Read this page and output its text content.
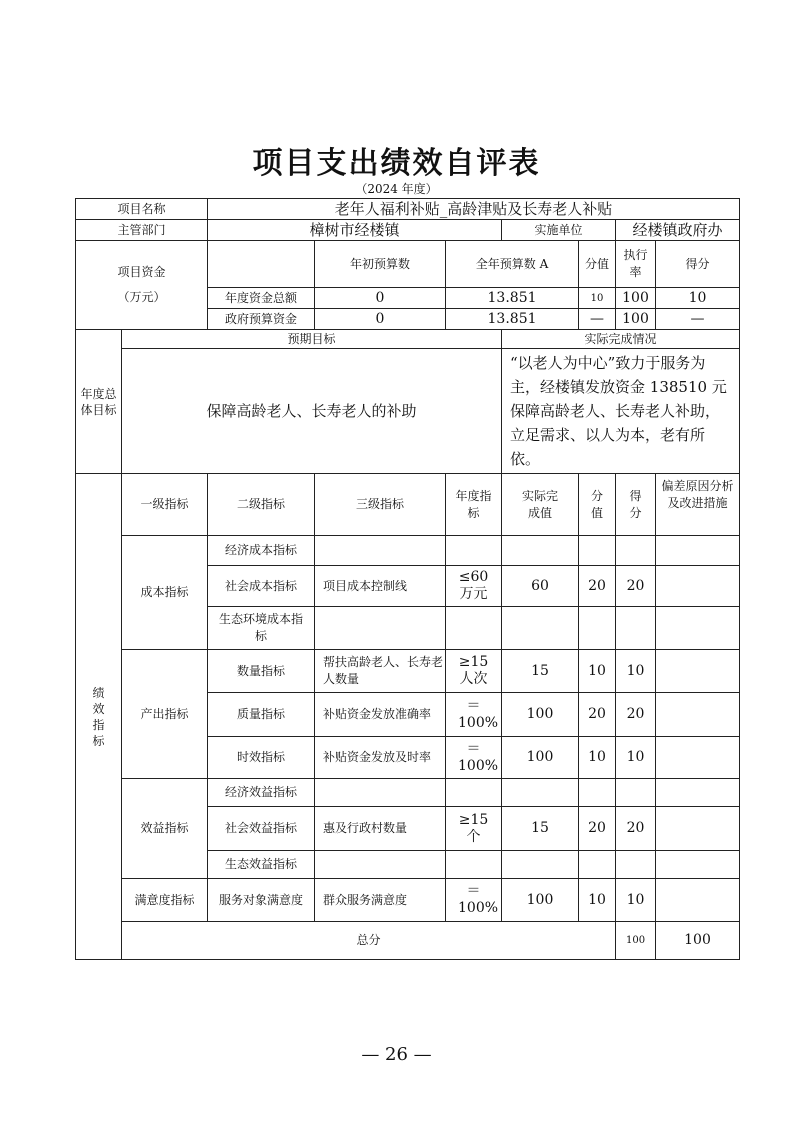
项目支出绩效自评表
（2024 年度）
项目名称		老年人福利补贴_高龄津贴及长寿老人补贴							
主管部门		樟树市经楼镇			实施单位		经楼镇政府办		

项目资金
（万元）			年初预算数	全年预算数 A		分值	执行率	得分	
		年度资金总额	0	13.851		10	100	10	
		政府预算资金	0	13.851		—	100	—	
年度总体目标	预期目标				实际完成情况				
	保障高龄老人、长寿老人的补助				“以老人为中心”致力于服务为主，经楼镇发放资金 138510 元保障高龄老人、长寿老人补助，立足需求、以人为本，老有所依。				
绩效指标	一级指标	二级指标	三级指标	年度指标	实际完成值	分值	得分	偏差原因分析及改进措施	
	成本指标	经济成本指标							
		社会成本指标	项目成本控制线	≤60万元	60	20	20		
		生态环境成本指标							
	产出指标	数量指标	帮扶高龄老人、长寿老人数量	≥15人次	15	10	10		
		质量指标	补贴资金发放准确率	＝100%	100	20	20		
		时效指标	补贴资金发放及时率	＝100%	100	10	10		
	效益指标	经济效益指标							
		社会效益指标	惠及行政村数量	≥15个	15	20	20		
		生态效益指标							
	满意度指标	服务对象满意度	群众服务满意度	＝100%	100	10	10		
	总分						100	100	
— 26 —
